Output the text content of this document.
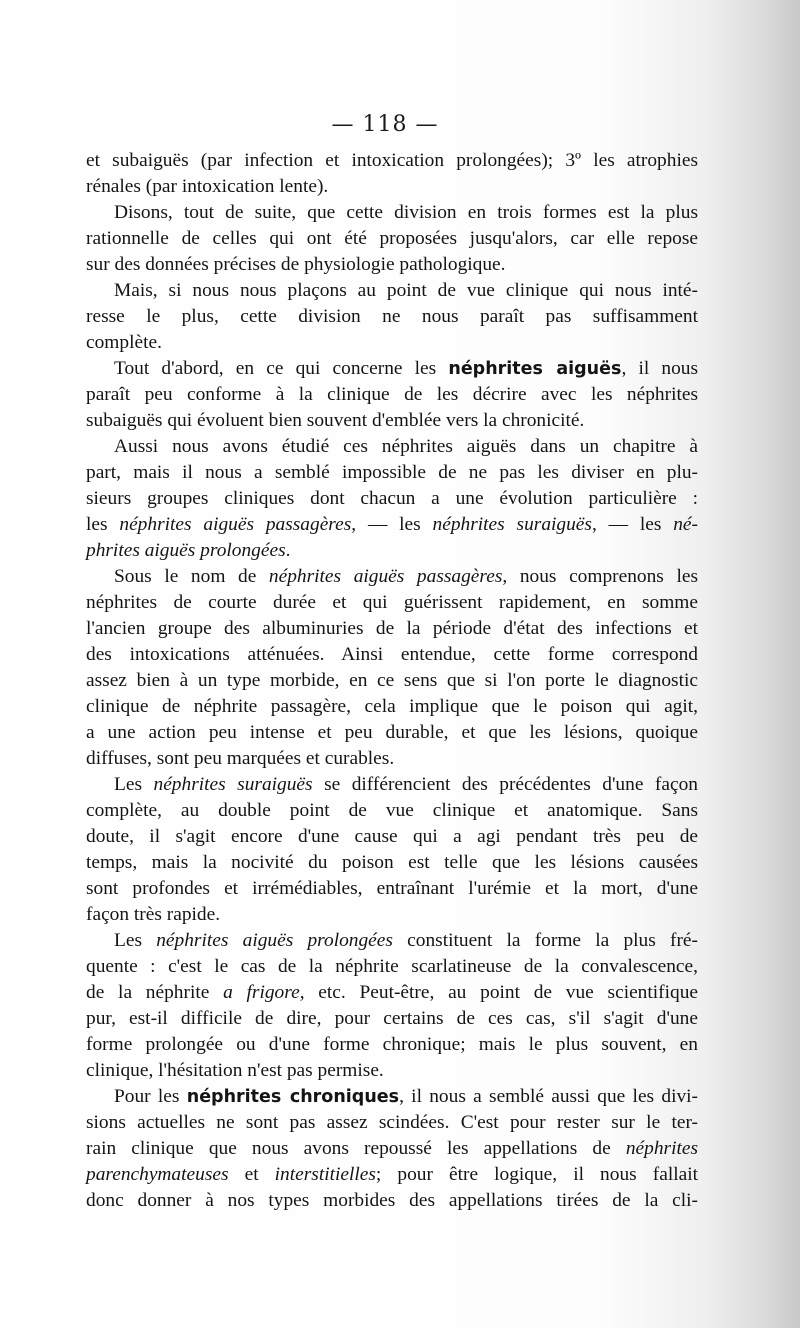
— 118 —
et subaiguës (par infection et intoxication prolongées); 3º les atrophies
rénales (par intoxication lente).
Disons, tout de suite, que cette division en trois formes est la plus
rationnelle de celles qui ont été proposées jusqu'alors, car elle repose
sur des données précises de physiologie pathologique.
Mais, si nous nous plaçons au point de vue clinique qui nous inté-
resse le plus, cette division ne nous paraît pas suffisamment
complète.
Tout d'abord, en ce qui concerne les néphrites aiguës, il nous
paraît peu conforme à la clinique de les décrire avec les néphrites
subaiguës qui évoluent bien souvent d'emblée vers la chronicité.
Aussi nous avons étudié ces néphrites aiguës dans un chapitre à
part, mais il nous a semblé impossible de ne pas les diviser en plu-
sieurs groupes cliniques dont chacun a une évolution particulière :
les néphrites aiguës passagères, — les néphrites suraiguës, — les né-
phrites aiguës prolongées.
Sous le nom de néphrites aiguës passagères, nous comprenons les
néphrites de courte durée et qui guérissent rapidement, en somme
l'ancien groupe des albuminuries de la période d'état des infections et
des intoxications atténuées. Ainsi entendue, cette forme correspond
assez bien à un type morbide, en ce sens que si l'on porte le diagnostic
clinique de néphrite passagère, cela implique que le poison qui agit,
a une action peu intense et peu durable, et que les lésions, quoique
diffuses, sont peu marquées et curables.
Les néphrites suraiguës se différencient des précédentes d'une façon
complète, au double point de vue clinique et anatomique. Sans
doute, il s'agit encore d'une cause qui a agi pendant très peu de
temps, mais la nocivité du poison est telle que les lésions causées
sont profondes et irrémédiables, entraînant l'urémie et la mort, d'une
façon très rapide.
Les néphrites aiguës prolongées constituent la forme la plus fré-
quente : c'est le cas de la néphrite scarlatineuse de la convalescence,
de la néphrite a frigore, etc. Peut-être, au point de vue scientifique
pur, est-il difficile de dire, pour certains de ces cas, s'il s'agit d'une
forme prolongée ou d'une forme chronique; mais le plus souvent, en
clinique, l'hésitation n'est pas permise.
Pour les néphrites chroniques, il nous a semblé aussi que les divi-
sions actuelles ne sont pas assez scindées. C'est pour rester sur le ter-
rain clinique que nous avons repoussé les appellations de néphrites
parenchymateuses et interstitielles; pour être logique, il nous fallait
donc donner à nos types morbides des appellations tirées de la cli-
